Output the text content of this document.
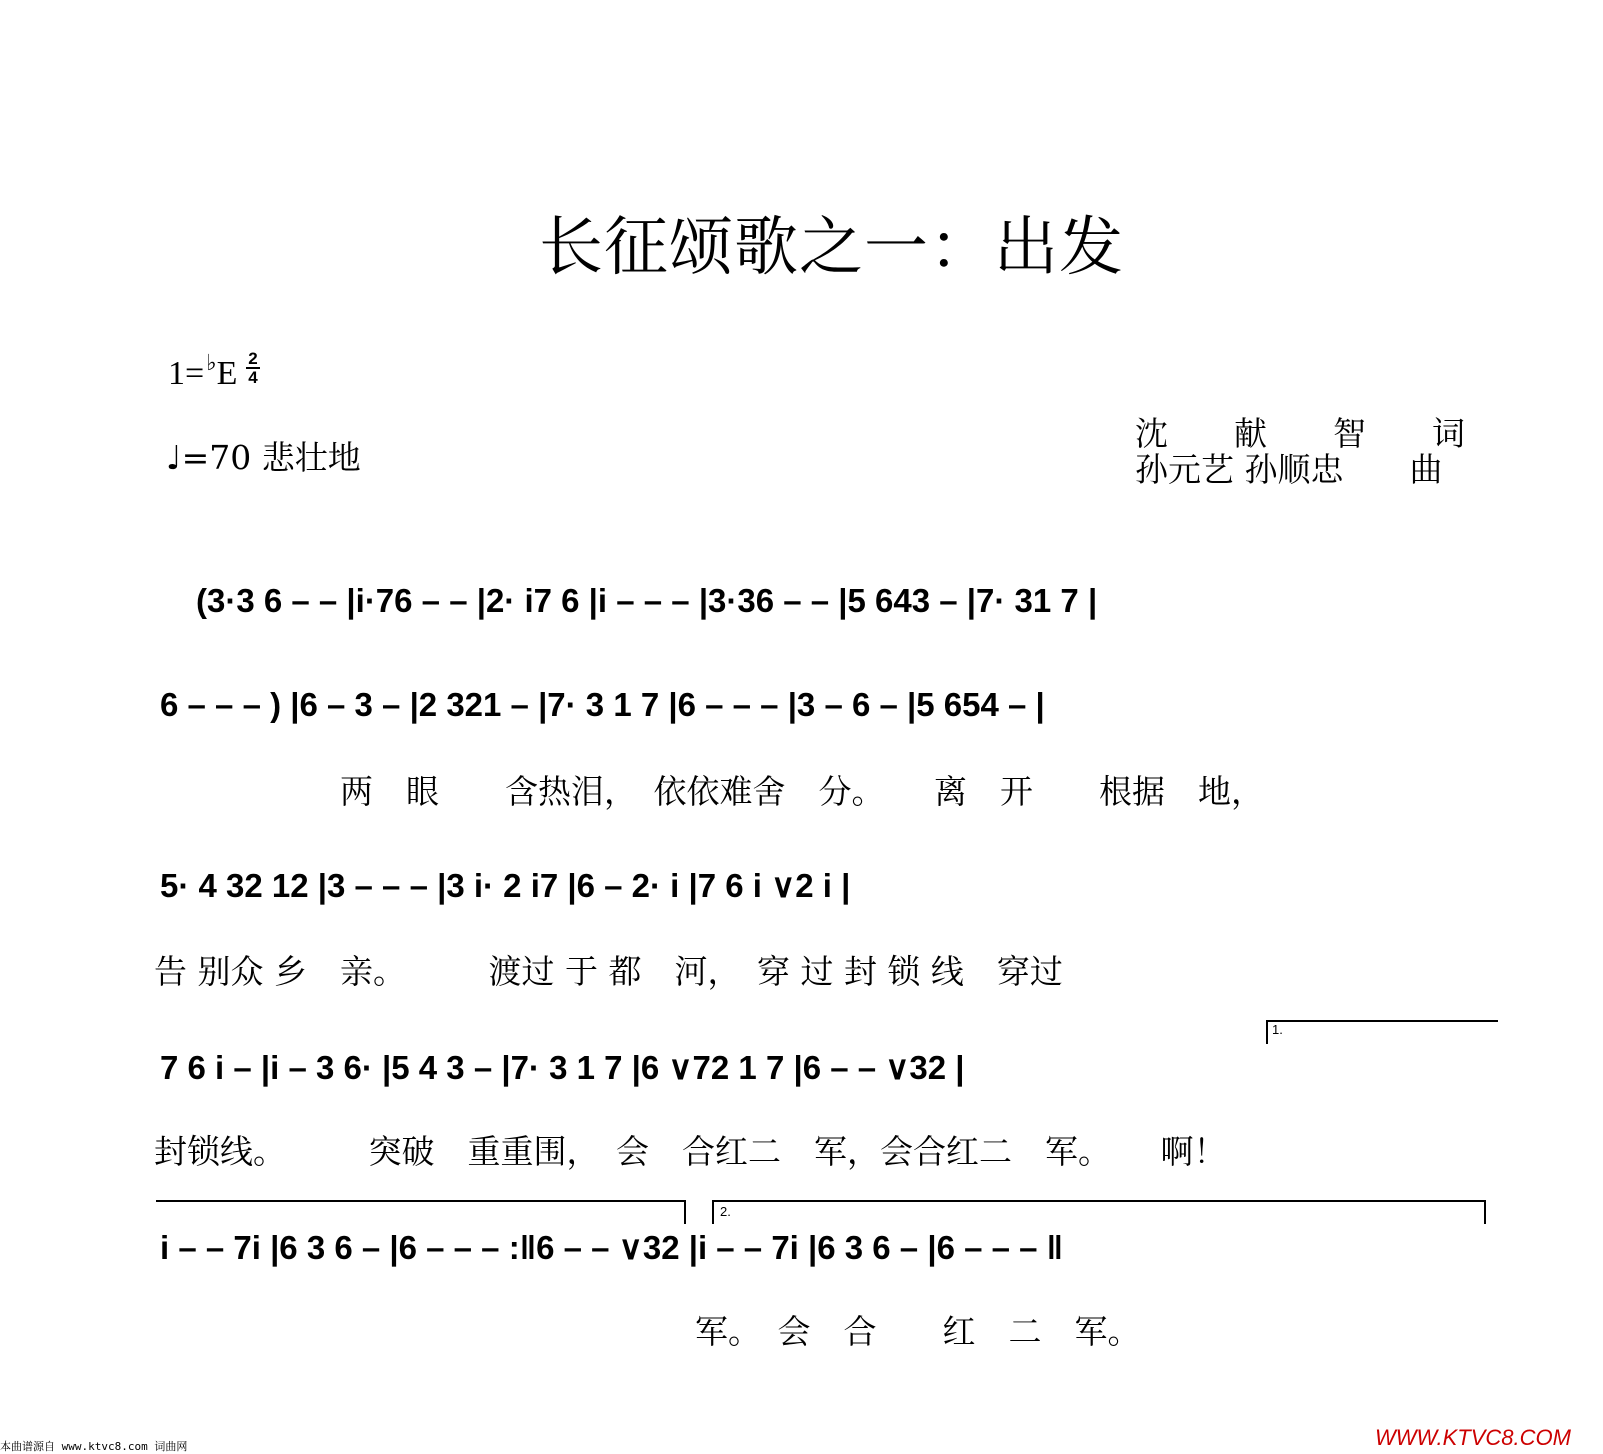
长征颂歌之一：出发
1=♭E 2
4
♩=70 悲壮地
沈　　献　　智　　词
孙元艺 孙顺忠　　曲
(3·3 6 – – |i·76 – – |2· i7 6 |i – – – |3·36 – – |5 643 – |7· 31 7 |
6 – – – ) |6 – 3 – |2 321 – |7· 3 1 7 |6 – – – |3 – 6 – |5 654 – |
两　眼　　含热泪，　依依难舍　分。　　离　开　　根据　地，
5· 4 32 12 |3 – – – |3 i· 2 i7 |6 – 2· i |7 6 i ∨2 i |
告 别众 乡　亲。　　　渡过 于 都　河，　穿 过 封 锁 线　穿过
1.
7 6 i – |i – 3 6· |5 4 3 – |7· 3 1 7 |6 ∨72 1 7 |6 – – ∨32 |
封锁线。　　　突破　重重围，　会　合红二　军，会合红二　军。　　啊！
2.
i – – 7i |6 3 6 – |6 – – – :‖6 – – ∨32 |i – – 7i |6 3 6 – |6 – – – ‖
军。　会　合　　红　二　军。
本曲谱源自 www.ktvc8.com 词曲网	WWW.KTVC8.COM
